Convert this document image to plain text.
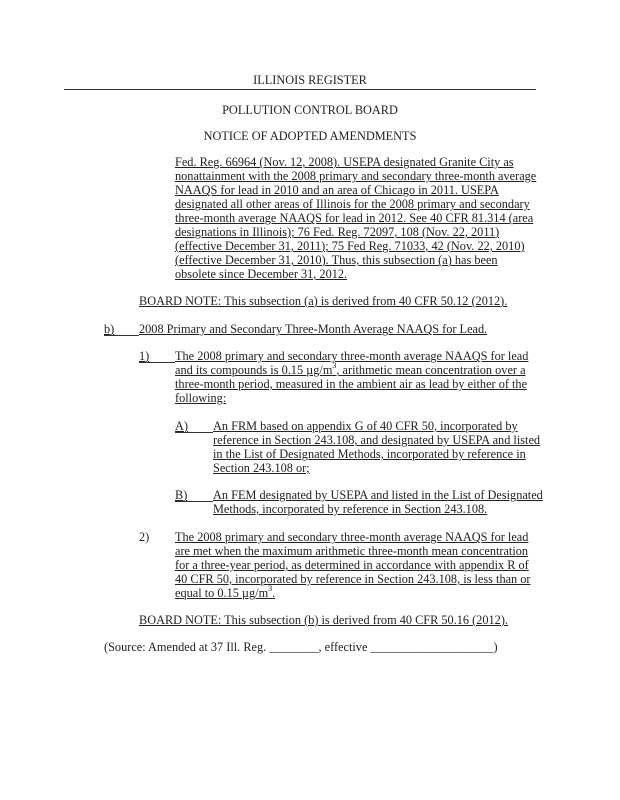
ILLINOIS REGISTER
POLLUTION CONTROL BOARD
NOTICE OF ADOPTED AMENDMENTS
Fed. Reg. 66964 (Nov. 12, 2008). USEPA designated Granite City as
nonattainment with the 2008 primary and secondary three-month average
NAAQS for lead in 2010 and an area of Chicago in 2011. USEPA
designated all other areas of Illinois for the 2008 primary and secondary
three-month average NAAQS for lead in 2012. See 40 CFR 81.314 (area
designations in Illinois); 76 Fed. Reg. 72097, 108 (Nov. 22, 2011)
(effective December 31, 2011); 75 Fed Reg. 71033, 42 (Nov. 22, 2010)
(effective December 31, 2010). Thus, this subsection (a) has been
obsolete since December 31, 2012.
BOARD NOTE: This subsection (a) is derived from 40 CFR 50.12 (2012).
b)	2008 Primary and Secondary Three-Month Average NAAQS for Lead.
1) The 2008 primary and secondary three-month average NAAQS for lead
and its compounds is 0.15 $\mu g/m^3$, arithmetic mean concentration over a
three-month period, measured in the ambient air as lead by either of the
following:
A) An FRM based on appendix G of 40 CFR 50, incorporated by
reference in Section 243.108, and designated by USEPA and listed
in the List of Designated Methods, incorporated by reference in
Section 243.108 or;
B) An FEM designated by USEPA and listed in the List of Designated
Methods, incorporated by reference in Section 243.108.
2) The 2008 primary and secondary three-month average NAAQS for lead
are met when the maximum arithmetic three-month mean concentration
for a three-year period, as determined in accordance with appendix R of
40 CFR 50, incorporated by reference in Section 243.108, is less than or
equal to 0.15 $\mu g/m^3$.
BOARD NOTE: This subsection (b) is derived from 40 CFR 50.16 (2012).
(Source: Amended at 37 Ill. Reg. ________, effective ____________________)
